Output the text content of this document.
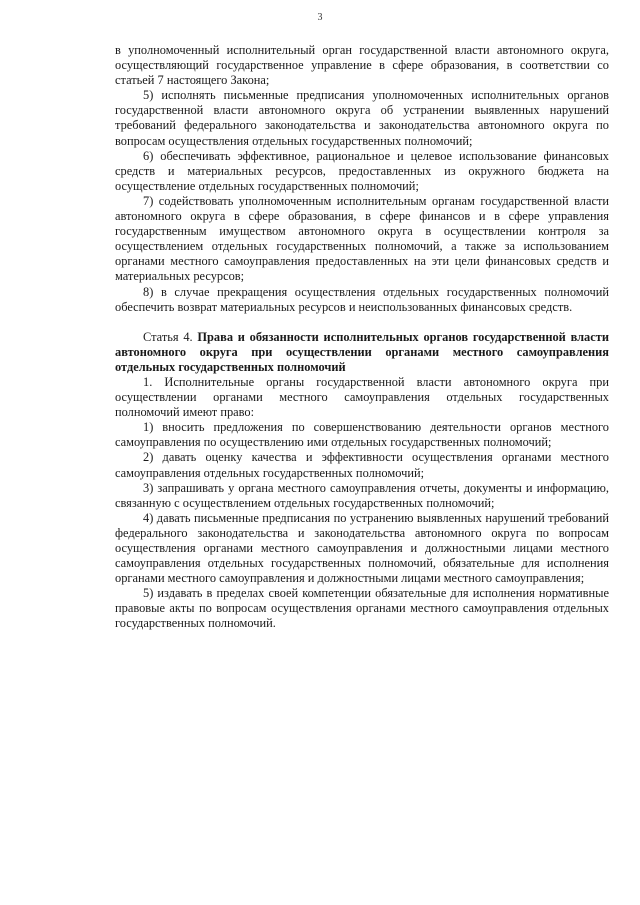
3

в уполномоченный исполнительный орган государственной власти автономного округа, осуществляющий государственное управление в сфере образования, в соответствии со статьей 7 настоящего Закона;

5) исполнять письменные предписания уполномоченных исполнительных органов государственной власти автономного округа об устранении выявленных нарушений требований федерального законодательства и законодательства автономного округа по вопросам осуществления отдельных государственных полномочий;

6) обеспечивать эффективное, рациональное и целевое использование финансовых средств и материальных ресурсов, предоставленных из окружного бюджета на осуществление отдельных государственных полномочий;

7) содействовать уполномоченным исполнительным органам государственной власти автономного округа в сфере образования, в сфере финансов и в сфере управления государственным имуществом автономного округа в осуществлении контроля за осуществлением отдельных государственных полномочий, а также за использованием органами местного самоуправления предоставленных на эти цели финансовых средств и материальных ресурсов;

8) в случае прекращения осуществления отдельных государственных полномочий обеспечить возврат материальных ресурсов и неиспользованных финансовых средств.

Статья 4. Права и обязанности исполнительных органов государственной власти автономного округа при осуществлении органами местного самоуправления отдельных государственных полномочий

1. Исполнительные органы государственной власти автономного округа при осуществлении органами местного самоуправления отдельных государственных полномочий имеют право:

1) вносить предложения по совершенствованию деятельности органов местного самоуправления по осуществлению ими отдельных государственных полномочий;

2) давать оценку качества и эффективности осуществления органами местного самоуправления отдельных государственных полномочий;

3) запрашивать у органа местного самоуправления отчеты, документы и информацию, связанную с осуществлением отдельных государственных полномочий;

4) давать письменные предписания по устранению выявленных нарушений требований федерального законодательства и законодательства автономного округа по вопросам осуществления органами местного самоуправления и должностными лицами местного самоуправления отдельных государственных полномочий, обязательные для исполнения органами местного самоуправления и должностными лицами местного самоуправления;

5) издавать в пределах своей компетенции обязательные для исполнения нормативные правовые акты по вопросам осуществления органами местного самоуправления отдельных государственных полномочий.
